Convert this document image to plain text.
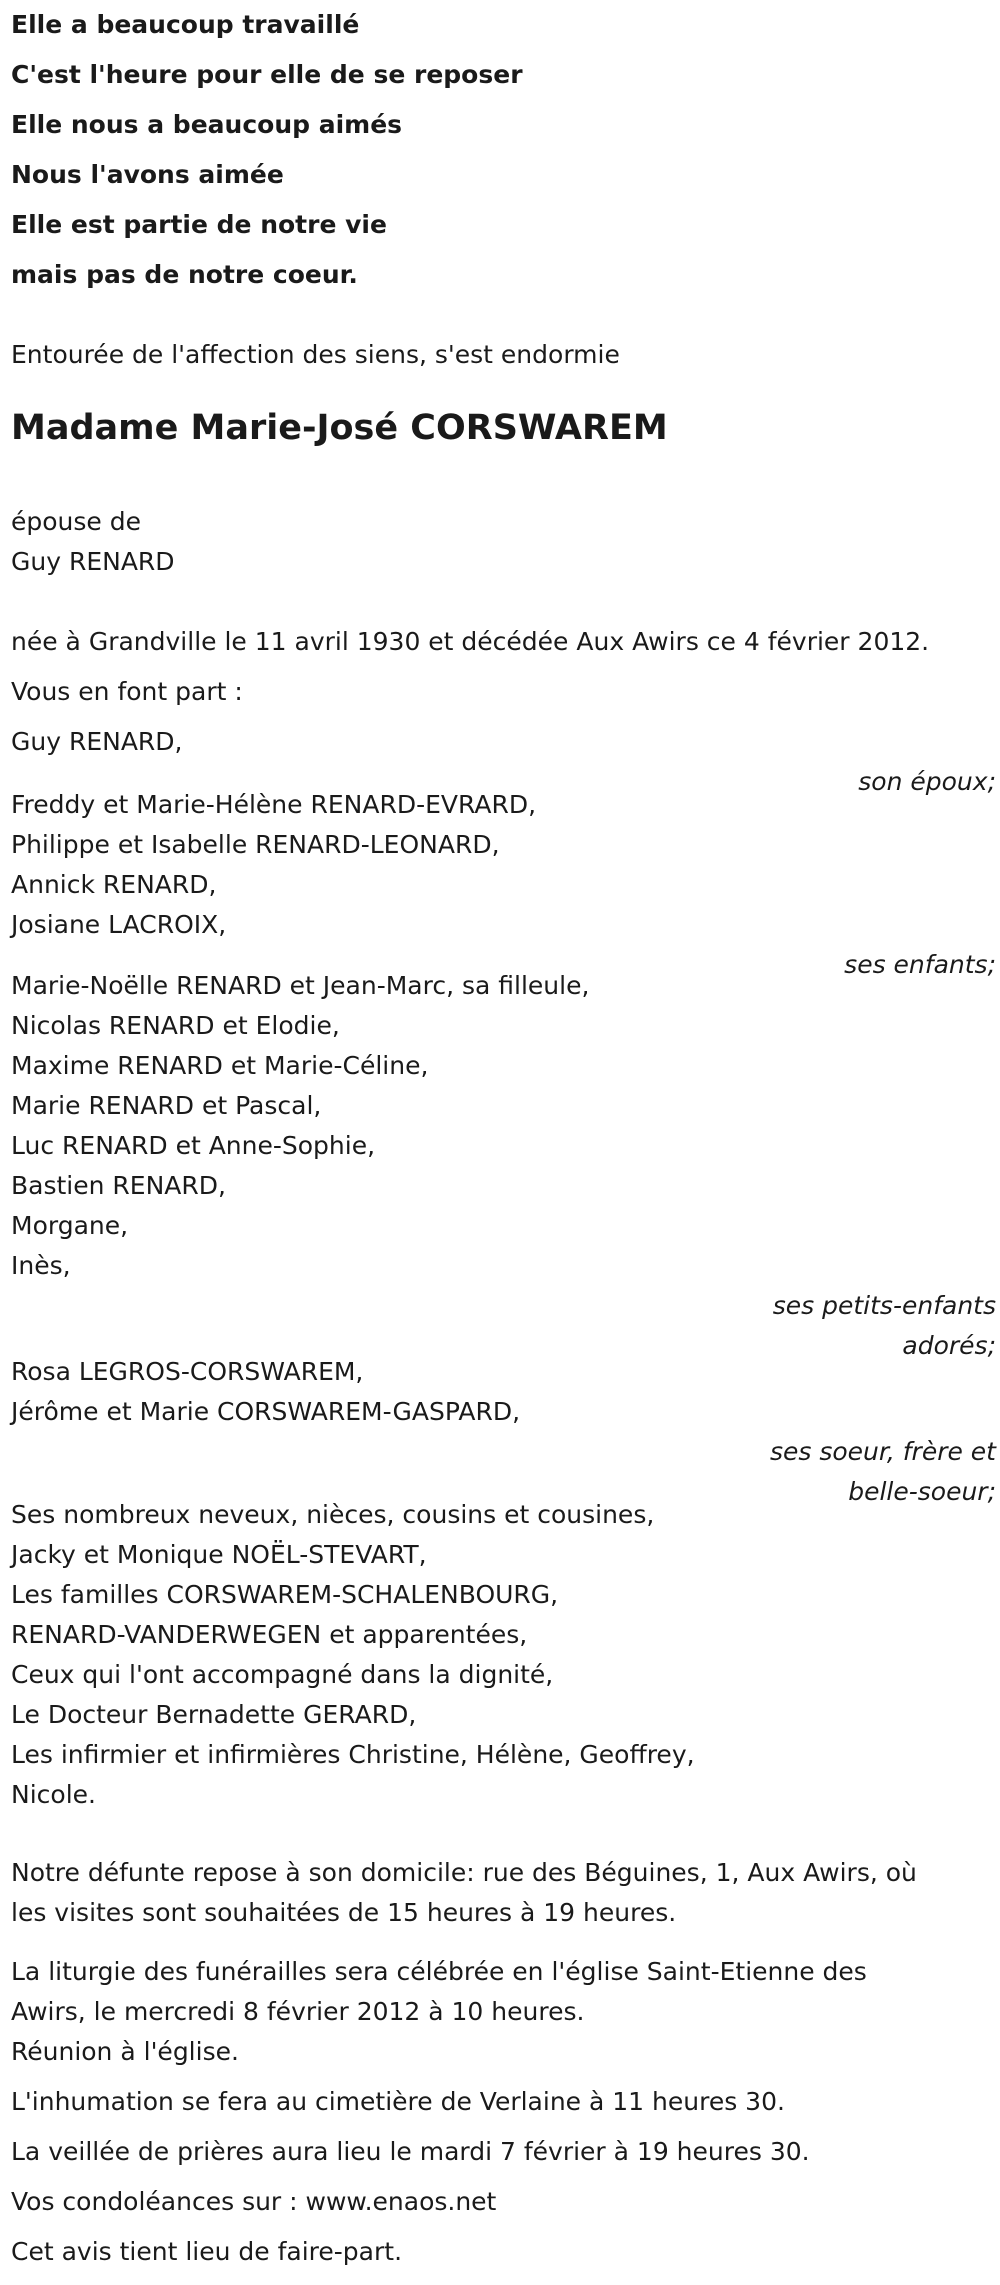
Elle a beaucoup travaillé
C'est l'heure pour elle de se reposer
Elle nous a beaucoup aimés
Nous l'avons aimée
Elle est partie de notre vie
mais pas de notre coeur.

Entourée de l'affection des siens, s'est endormie

Madame Marie-José CORSWAREM

épouse de

Guy RENARD

née à Grandville le 11 avril 1930 et décédée Aux Awirs ce 4 février 2012.

Vous en font part :

Guy RENARD,

son époux;

Freddy et Marie-Hélène RENARD-EVRARD,
Philippe et Isabelle RENARD-LEONARD,
Annick RENARD,
Josiane LACROIX,

ses enfants;

Marie-Noëlle RENARD et Jean-Marc, sa filleule,
Nicolas RENARD et Elodie,
Maxime RENARD et Marie-Céline,
Marie RENARD et Pascal,
Luc RENARD et Anne-Sophie,
Bastien RENARD,
Morgane,
Inès,

ses petits-enfants

adorés;

Rosa LEGROS-CORSWAREM,
Jérôme et Marie CORSWAREM-GASPARD,

ses soeur, frère et

belle-soeur;

Ses nombreux neveux, nièces, cousins et cousines,
Jacky et Monique NOËL-STEVART,
Les familles CORSWAREM-SCHALENBOURG,
RENARD-VANDERWEGEN et apparentées,
Ceux qui l'ont accompagné dans la dignité,
Le Docteur Bernadette GERARD,
Les infirmier et infirmières Christine, Hélène, Geoffrey,
Nicole.

Notre défunte repose à son domicile: rue des Béguines, 1, Aux Awirs, où

les visites sont souhaitées de 15 heures à 19 heures.

La liturgie des funérailles sera célébrée en l'église Saint-Etienne des

Awirs, le mercredi 8 février 2012 à 10 heures.

Réunion à l'église.

L'inhumation se fera au cimetière de Verlaine à 11 heures 30.

La veillée de prières aura lieu le mardi 7 février à 19 heures 30.

Vos condoléances sur : www.enaos.net

Cet avis tient lieu de faire-part.
